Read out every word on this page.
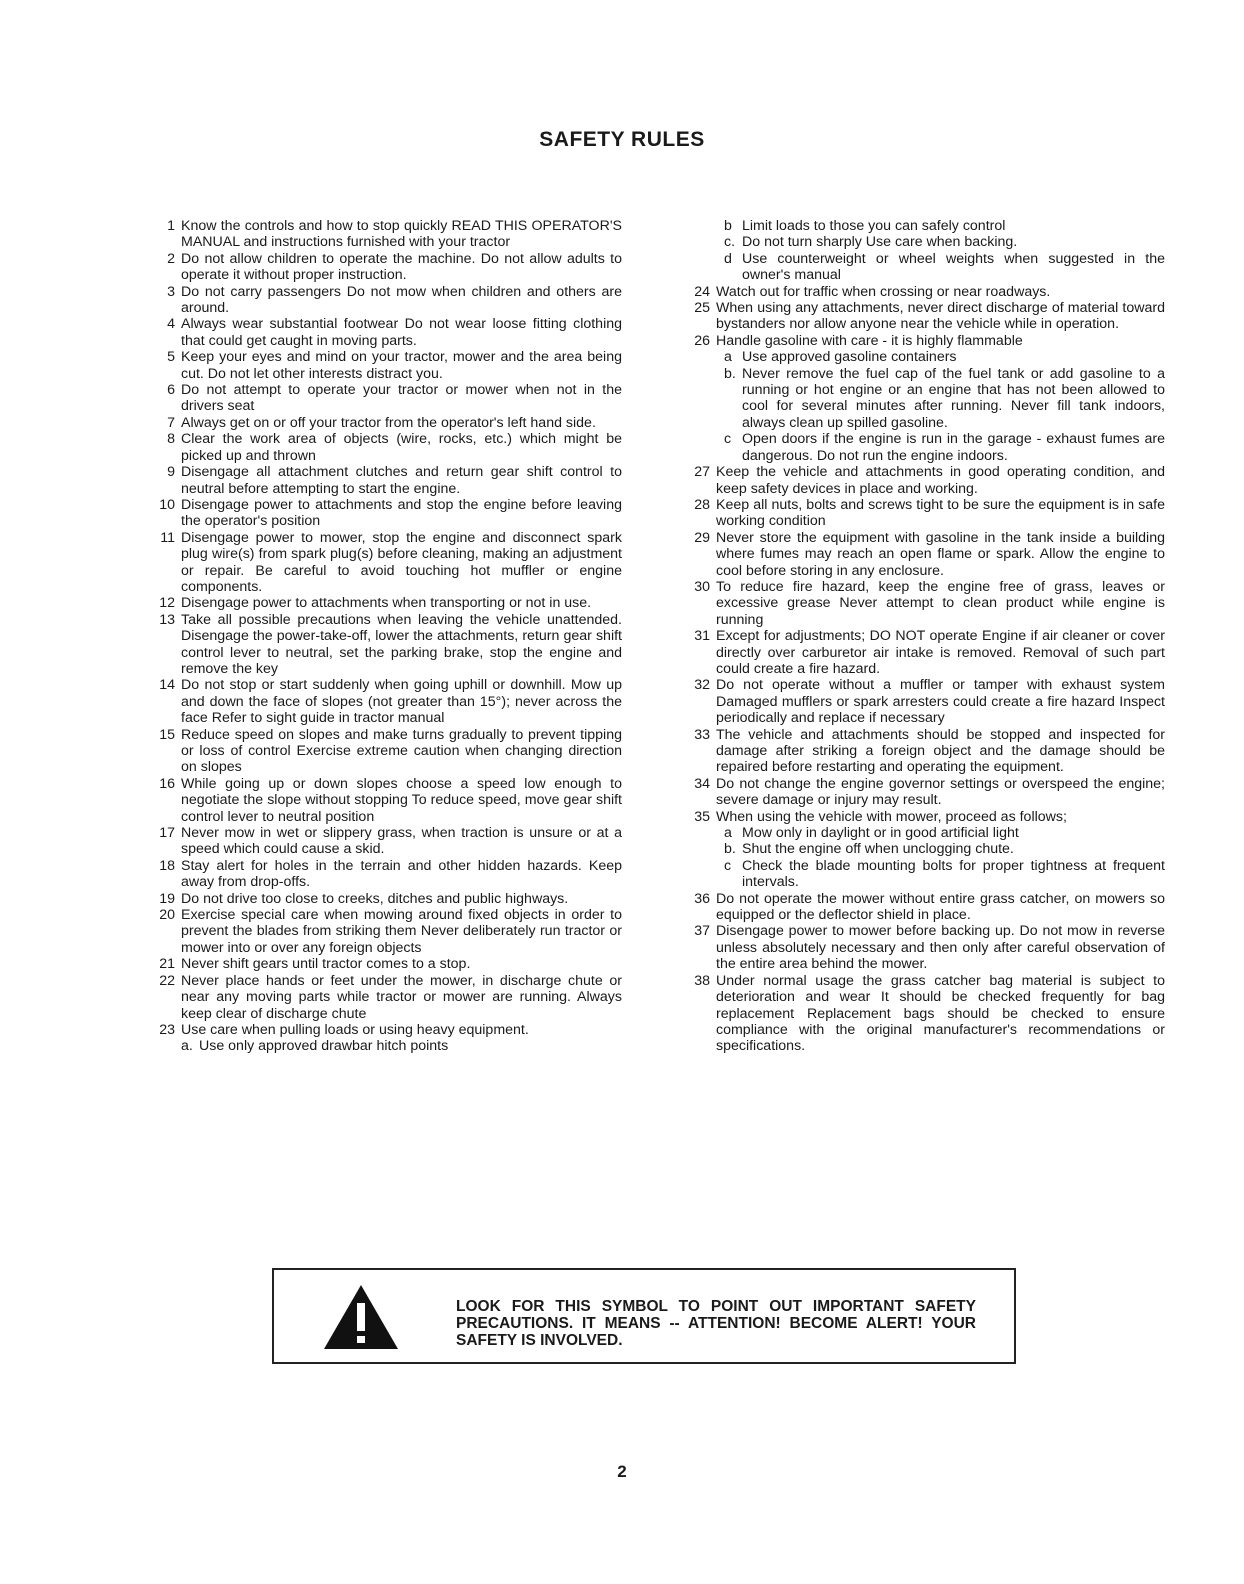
SAFETY RULES
1 Know the controls and how to stop quickly READ THIS OPERATOR'S MANUAL and instructions furnished with your tractor
2 Do not allow children to operate the machine. Do not allow adults to operate it without proper instruction.
3 Do not carry passengers Do not mow when children and others are around.
4 Always wear substantial footwear Do not wear loose fitting clothing that could get caught in moving parts.
5 Keep your eyes and mind on your tractor, mower and the area being cut. Do not let other interests distract you.
6 Do not attempt to operate your tractor or mower when not in the drivers seat
7 Always get on or off your tractor from the operator's left hand side.
8 Clear the work area of objects (wire, rocks, etc.) which might be picked up and thrown
9 Disengage all attachment clutches and return gear shift control to neutral before attempting to start the engine.
10 Disengage power to attachments and stop the engine before leaving the operator's position
11 Disengage power to mower, stop the engine and disconnect spark plug wire(s) from spark plug(s) before cleaning, making an adjustment or repair. Be careful to avoid touching hot muffler or engine components.
12 Disengage power to attachments when transporting or not in use.
13 Take all possible precautions when leaving the vehicle unattended. Disengage the power-take-off, lower the attachments, return gear shift control lever to neutral, set the parking brake, stop the engine and remove the key
14 Do not stop or start suddenly when going uphill or downhill. Mow up and down the face of slopes (not greater than 15°); never across the face Refer to sight guide in tractor manual
15 Reduce speed on slopes and make turns gradually to prevent tipping or loss of control Exercise extreme caution when changing direction on slopes
16 While going up or down slopes choose a speed low enough to negotiate the slope without stopping To reduce speed, move gear shift control lever to neutral position
17 Never mow in wet or slippery grass, when traction is unsure or at a speed which could cause a skid.
18 Stay alert for holes in the terrain and other hidden hazards. Keep away from drop-offs.
19 Do not drive too close to creeks, ditches and public highways.
20 Exercise special care when mowing around fixed objects in order to prevent the blades from striking them Never deliberately run tractor or mower into or over any foreign objects
21 Never shift gears until tractor comes to a stop.
22 Never place hands or feet under the mower, in discharge chute or near any moving parts while tractor or mower are running. Always keep clear of discharge chute
23 Use care when pulling loads or using heavy equipment.
a. Use only approved drawbar hitch points
b Limit loads to those you can safely control
c. Do not turn sharply Use care when backing.
d Use counterweight or wheel weights when suggested in the owner's manual
24 Watch out for traffic when crossing or near roadways.
25 When using any attachments, never direct discharge of material toward bystanders nor allow anyone near the vehicle while in operation.
26 Handle gasoline with care - it is highly flammable
a Use approved gasoline containers
b. Never remove the fuel cap of the fuel tank or add gasoline to a running or hot engine or an engine that has not been allowed to cool for several minutes after running. Never fill tank indoors, always clean up spilled gasoline.
c Open doors if the engine is run in the garage - exhaust fumes are dangerous. Do not run the engine indoors.
27 Keep the vehicle and attachments in good operating condition, and keep safety devices in place and working.
28 Keep all nuts, bolts and screws tight to be sure the equipment is in safe working condition
29 Never store the equipment with gasoline in the tank inside a building where fumes may reach an open flame or spark. Allow the engine to cool before storing in any enclosure.
30 To reduce fire hazard, keep the engine free of grass, leaves or excessive grease Never attempt to clean product while engine is running
31 Except for adjustments; DO NOT operate Engine if air cleaner or cover directly over carburetor air intake is removed. Removal of such part could create a fire hazard.
32 Do not operate without a muffler or tamper with exhaust system Damaged mufflers or spark arresters could create a fire hazard Inspect periodically and replace if necessary
33 The vehicle and attachments should be stopped and inspected for damage after striking a foreign object and the damage should be repaired before restarting and operating the equipment.
34 Do not change the engine governor settings or overspeed the engine; severe damage or injury may result.
35 When using the vehicle with mower, proceed as follows;
a Mow only in daylight or in good artificial light
b. Shut the engine off when unclogging chute.
c Check the blade mounting bolts for proper tightness at frequent intervals.
36 Do not operate the mower without entire grass catcher, on mowers so equipped or the deflector shield in place.
37 Disengage power to mower before backing up. Do not mow in reverse unless absolutely necessary and then only after careful observation of the entire area behind the mower.
38 Under normal usage the grass catcher bag material is subject to deterioration and wear It should be checked frequently for bag replacement Replacement bags should be checked to ensure compliance with the original manufacturer's recommendations or specifications.
LOOK FOR THIS SYMBOL TO POINT OUT IMPORTANT SAFETY PRECAUTIONS. IT MEANS -- ATTENTION! BECOME ALERT! YOUR SAFETY IS INVOLVED.
2
